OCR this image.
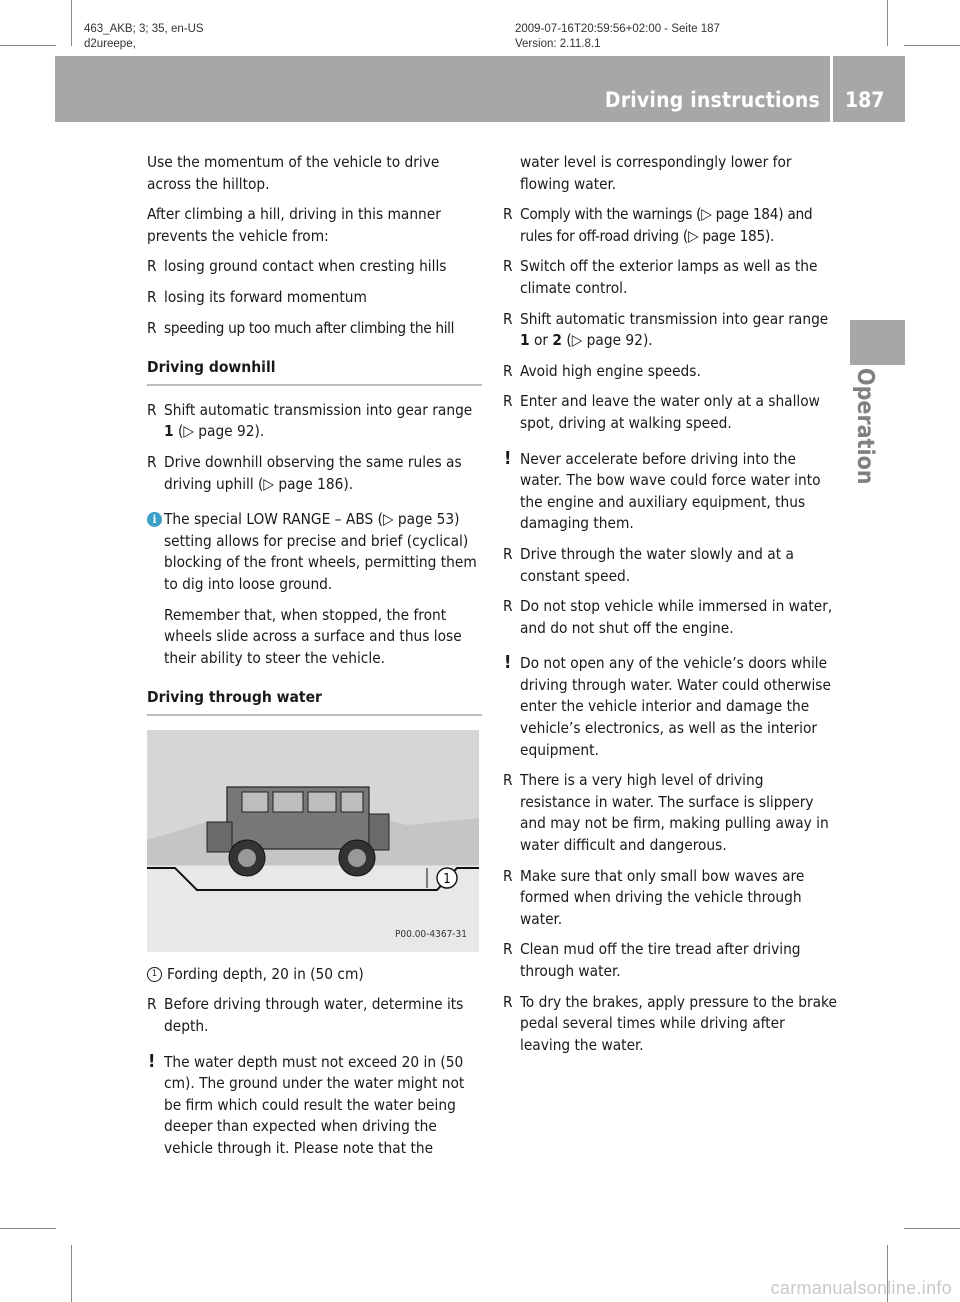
463_AKB; 3; 35, en-US
d2ureepe,
2009-07-16T20:59:56+02:00 - Seite 187
Version: 2.11.8.1
Driving instructions 187
Operation

Use the momentum of the vehicle to drive across the hilltop.

After climbing a hill, driving in this manner prevents the vehicle from:

R losing ground contact when cresting hills
R losing its forward momentum
R speeding up too much after climbing the hill
Driving downhill
R Shift automatic transmission into gear range 1 (▷ page 92).
R Drive downhill observing the same rules as driving uphill (▷ page 186).
i The special LOW RANGE – ABS (▷ page 53) setting allows for precise and brief (cyclical) blocking of the front wheels, permitting them to dig into loose ground.

Remember that, when stopped, the front wheels slide across a surface and thus lose their ability to steer the vehicle.

Driving through water
1
P00.00-4367-31
1 Fording depth, 20 in (50 cm)
R Before driving through water, determine its depth.
! The water depth must not exceed 20 in (50 cm). The ground under the water might not be firm which could result the water being deeper than expected when driving the vehicle through it. Please note that the

water level is correspondingly lower for flowing water.

R Comply with the warnings (▷ page 184) and rules for off-road driving (▷ page 185).
R Switch off the exterior lamps as well as the climate control.
R Shift automatic transmission into gear range 1 or 2 (▷ page 92).
R Avoid high engine speeds.
R Enter and leave the water only at a shallow spot, driving at walking speed.
! Never accelerate before driving into the water. The bow wave could force water into the engine and auxiliary equipment, thus damaging them.
R Drive through the water slowly and at a constant speed.
R Do not stop vehicle while immersed in water, and do not shut off the engine.
! Do not open any of the vehicle’s doors while driving through water. Water could otherwise enter the vehicle interior and damage the vehicle’s electronics, as well as the interior equipment.
R There is a very high level of driving resistance in water. The surface is slippery and may not be firm, making pulling away in water difficult and dangerous.
R Make sure that only small bow waves are formed when driving the vehicle through water.
R Clean mud off the tire tread after driving through water.
R To dry the brakes, apply pressure to the brake pedal several times while driving after leaving the water.
carmanualsonline.info
